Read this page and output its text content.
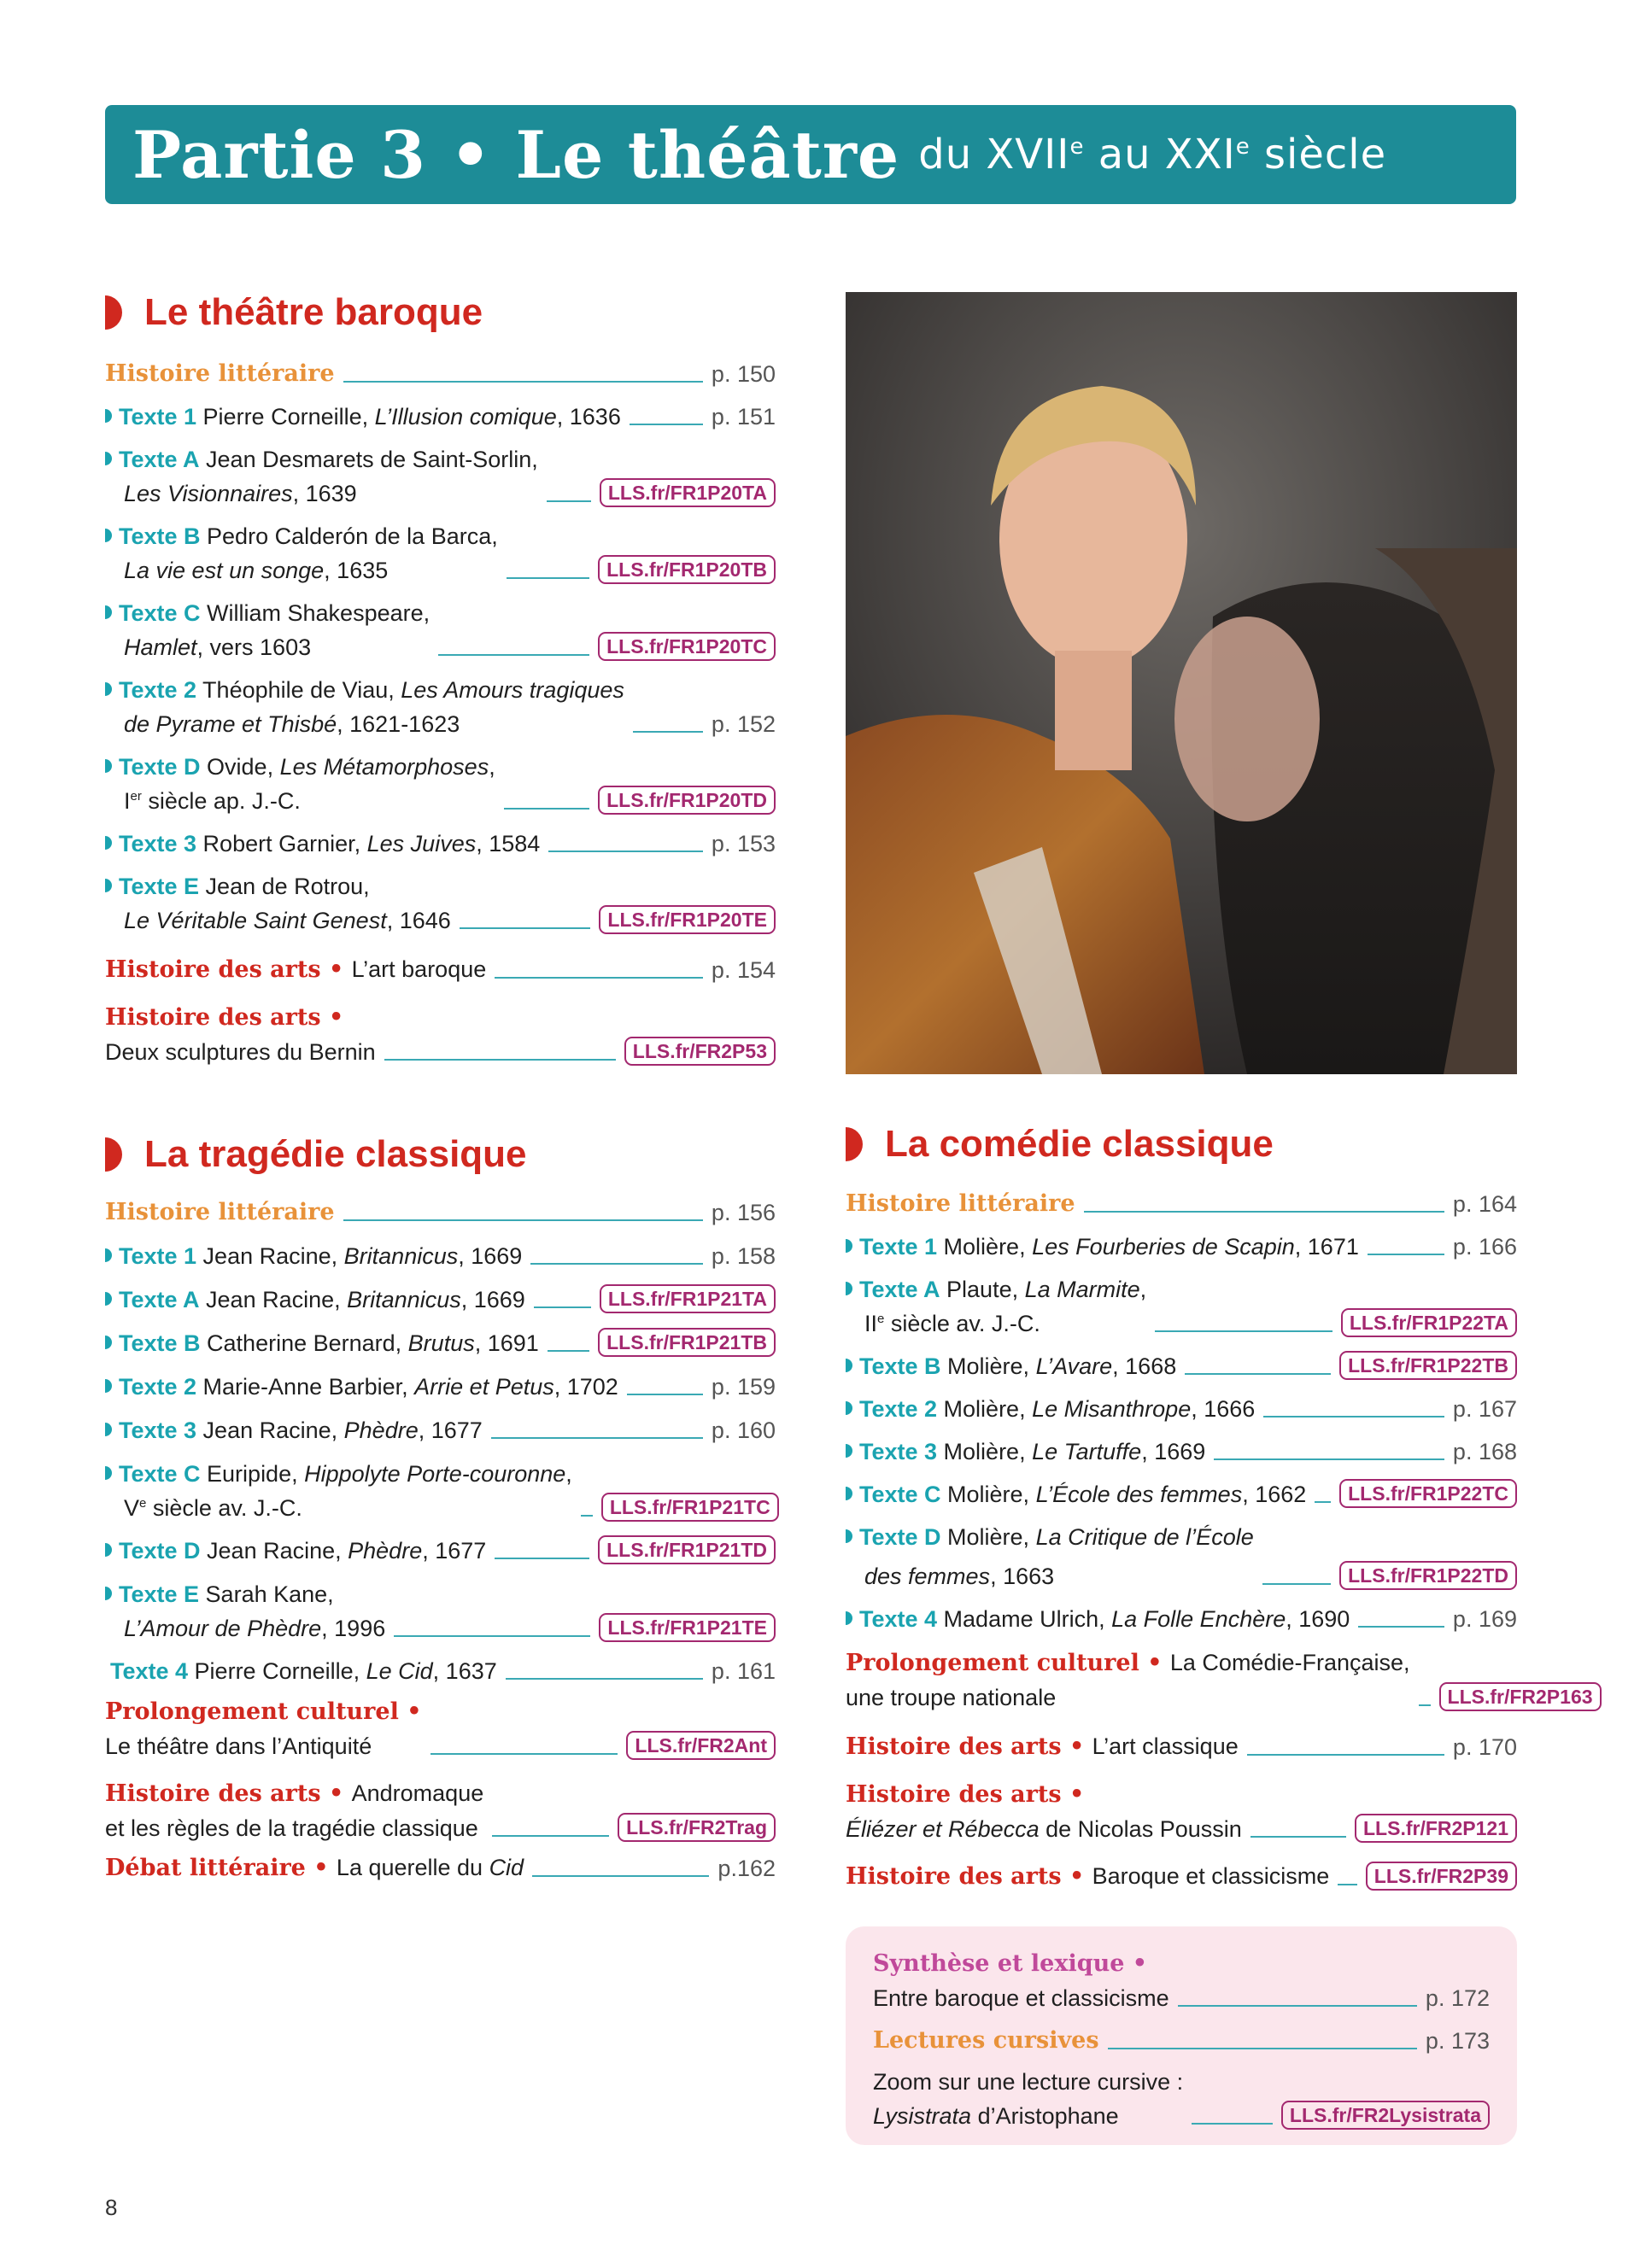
Partie 3 • Le théâtre du XVIIe au XXIe siècle
Le théâtre baroque
Histoire littéraire	p. 150
Texte 1 Pierre Corneille, L’Illusion comique, 1636	p. 151
Texte A Jean Desmarets de Saint-Sorlin,
Les Visionnaires, 1639	LLS.fr/FR1P20TA
Texte B Pedro Calderón de la Barca,
La vie est un songe, 1635	LLS.fr/FR1P20TB
Texte C William Shakespeare,
Hamlet, vers 1603	LLS.fr/FR1P20TC
Texte 2 Théophile de Viau, Les Amours tragiques
de Pyrame et Thisbé, 1621-1623	p. 152
Texte D Ovide, Les Métamorphoses,
Ier siècle ap. J.-C.	LLS.fr/FR1P20TD
Texte 3 Robert Garnier, Les Juives, 1584	p. 153
Texte E Jean de Rotrou,
Le Véritable Saint Genest, 1646	LLS.fr/FR1P20TE
Histoire des arts • L’art baroque	p. 154
Histoire des arts •
Deux sculptures du Bernin	LLS.fr/FR2P53
La tragédie classique
Histoire littéraire	p. 156
Texte 1 Jean Racine, Britannicus, 1669	p. 158
Texte A Jean Racine, Britannicus, 1669	LLS.fr/FR1P21TA
Texte B Catherine Bernard, Brutus, 1691	LLS.fr/FR1P21TB
Texte 2 Marie-Anne Barbier, Arrie et Petus, 1702	p. 159
Texte 3 Jean Racine, Phèdre, 1677	p. 160
Texte C Euripide, Hippolyte Porte-couronne,
Ve siècle av. J.-C.	LLS.fr/FR1P21TC
Texte D Jean Racine, Phèdre, 1677	LLS.fr/FR1P21TD
Texte E Sarah Kane,
L’Amour de Phèdre, 1996	LLS.fr/FR1P21TE
Texte 4 Pierre Corneille, Le Cid, 1637	p. 161
Prolongement culturel •
Le théâtre dans l’Antiquité	LLS.fr/FR2Ant
Histoire des arts • Andromaque
et les règles de la tragédie classique	LLS.fr/FR2Trag
Débat littéraire • La querelle du Cid	p.162
La comédie classique
Histoire littéraire	p. 164
Texte 1 Molière, Les Fourberies de Scapin, 1671	p. 166
Texte A Plaute, La Marmite,
IIe siècle av. J.-C.	LLS.fr/FR1P22TA
Texte B Molière, L’Avare, 1668	LLS.fr/FR1P22TB
Texte 2 Molière, Le Misanthrope, 1666	p. 167
Texte 3 Molière, Le Tartuffe, 1669	p. 168
Texte C Molière, L’École des femmes, 1662	LLS.fr/FR1P22TC
Texte D Molière, La Critique de l’École
des femmes, 1663	LLS.fr/FR1P22TD
Texte 4 Madame Ulrich, La Folle Enchère, 1690	p. 169
Prolongement culturel • La Comédie-Française,
une troupe nationale	LLS.fr/FR2P163
Histoire des arts • L’art classique	p. 170
Histoire des arts •
Éliézer et Rébecca de Nicolas Poussin	LLS.fr/FR2P121
Histoire des arts • Baroque et classicisme	LLS.fr/FR2P39
Synthèse et lexique •
Entre baroque et classicisme	p. 172
Lectures cursives	p. 173
Zoom sur une lecture cursive :
Lysistrata d’Aristophane	LLS.fr/FR2Lysistrata
8
